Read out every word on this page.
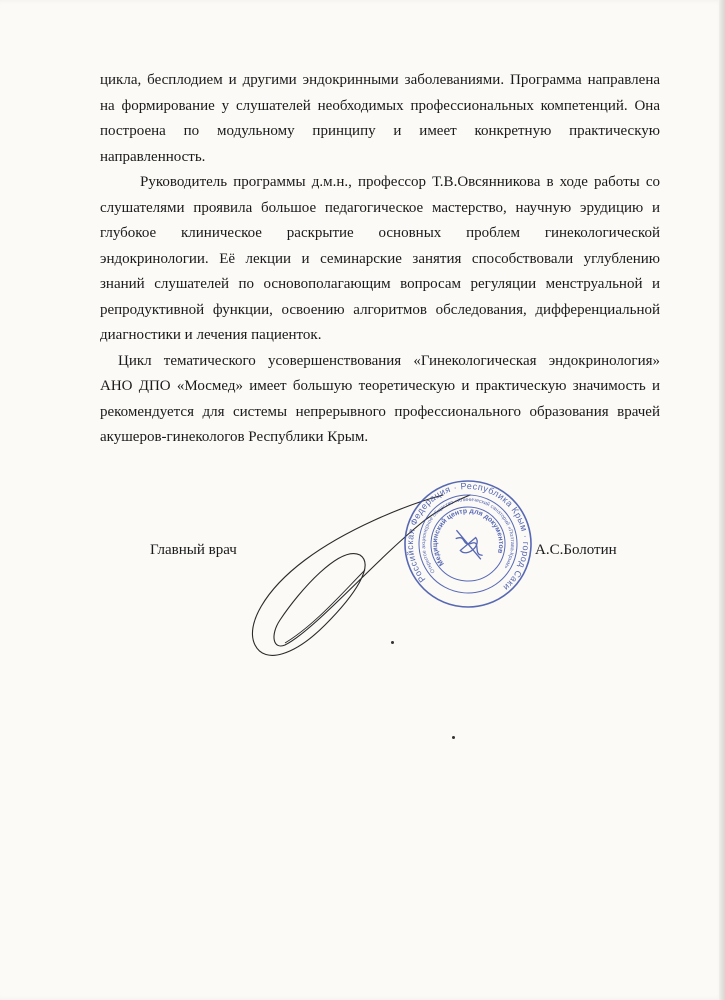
цикла, бесплодием и другими эндокринными заболеваниями. Программа направлена на формирование у слушателей необходимых профессиональных компетенций. Она построена по модульному принципу и имеет конкретную практическую направленность.

Руководитель программы д.м.н., профессор Т.В.Овсянникова в ходе работы со слушателями проявила большое педагогическое мастерство, научную эрудицию и глубокое клиническое раскрытие основных проблем гинекологической эндокринологии. Её лекции и семинарские занятия способствовали углублению знаний слушателей по основополагающим вопросам регуляции менструальной и репродуктивной функции, освоению алгоритмов обследования, дифференциальной диагностики и лечения пациенток.

Цикл тематического усовершенствования «Гинекологическая эндокринология» АНО ДПО «Мосмед» имеет большую теоретическую и практическую значимость и рекомендуется для системы непрерывного профессионального образования врачей акушеров-гинекологов Республики Крым.

Главный врач	А.С.Болотин
Российская Федерация · Республика Крым · город Саки
Открытое акционерное общество «Клинический санаторий «Полтава-Крым»
Медицинский центр для документов
